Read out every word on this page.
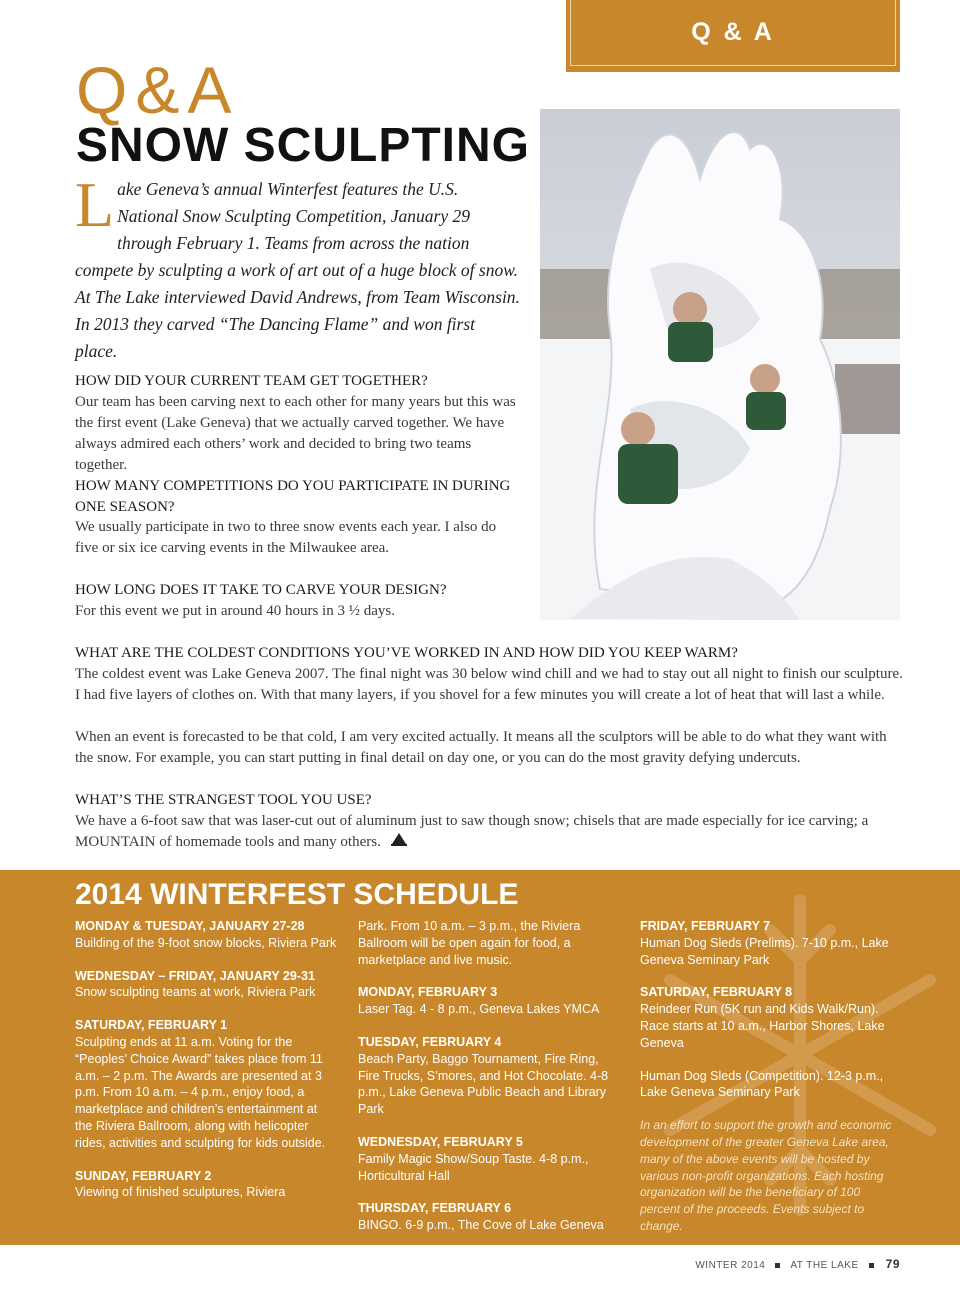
Q & A
Q&A
SNOW SCULPTING
Lake Geneva’s annual Winterfest features the U.S. National Snow Sculpting Competition, January 29 through February 1. Teams from across the nation compete by sculpting a work of art out of a huge block of snow. At The Lake interviewed David Andrews, from Team Wisconsin. In 2013 they carved “The Dancing Flame” and won first place.
HOW DID YOUR CURRENT TEAM GET TOGETHER?
Our team has been carving next to each other for many years but this was the first event (Lake Geneva) that we actually carved together. We have always admired each others’ work and decided to bring two teams together.
HOW MANY COMPETITIONS DO YOU PARTICIPATE IN DURING ONE SEASON?
We usually participate in two to three snow events each year. I also do five or six ice carving events in the Milwaukee area.
HOW LONG DOES IT TAKE TO CARVE YOUR DESIGN?
For this event we put in around 40 hours in 3 ½ days.
WHAT ARE THE COLDEST CONDITIONS YOU’VE WORKED IN AND HOW DID YOU KEEP WARM?
The coldest event was Lake Geneva 2007. The final night was 30 below wind chill and we had to stay out all night to finish our sculpture. I had five layers of clothes on. With that many layers, if you shovel for a few minutes you will create a lot of heat that will last a while.
When an event is forecasted to be that cold, I am very excited actually. It means all the sculptors will be able to do what they want with the snow. For example, you can start putting in final detail on day one, or you can do the most gravity defying undercuts.
WHAT’S THE STRANGEST TOOL YOU USE?
We have a 6-foot saw that was laser-cut out of aluminum just to saw though snow; chisels that are made especially for ice carving; a MOUNTAIN of homemade tools and many others.
2014 WINTERFEST SCHEDULE
MONDAY & TUESDAY, JANUARY 27-28
Building of the 9-foot snow blocks, Riviera Park
WEDNESDAY – FRIDAY, JANUARY 29-31
Snow sculpting teams at work, Riviera Park
SATURDAY, FEBRUARY 1
Sculpting ends at 11 a.m. Voting for the “Peoples’ Choice Award” takes place from 11 a.m. – 2 p.m. The Awards are presented at 3 p.m. From 10 a.m. – 4 p.m., enjoy food, a marketplace and children’s entertainment at the Riviera Ballroom, along with helicopter rides, activities and sculpting for kids outside.
SUNDAY, FEBRUARY 2
Viewing of finished sculptures, Riviera
Park. From 10 a.m. – 3 p.m., the Riviera Ballroom will be open again for food, a marketplace and live music.
MONDAY, FEBRUARY 3
Laser Tag. 4 - 8 p.m., Geneva Lakes YMCA
TUESDAY, FEBRUARY 4
Beach Party, Baggo Tournament, Fire Ring, Fire Trucks, S’mores, and Hot Chocolate. 4-8 p.m., Lake Geneva Public Beach and Library Park
WEDNESDAY, FEBRUARY 5
Family Magic Show/Soup Taste. 4-8 p.m., Horticultural Hall
THURSDAY, FEBRUARY 6
BINGO. 6-9 p.m., The Cove of Lake Geneva
FRIDAY, FEBRUARY 7
Human Dog Sleds (Prelims). 7-10 p.m., Lake Geneva Seminary Park
SATURDAY, FEBRUARY 8
Reindeer Run (5K run and Kids Walk/Run). Race starts at 10 a.m., Harbor Shores, Lake Geneva
Human Dog Sleds (Competition). 12-3 p.m., Lake Geneva Seminary Park
In an effort to support the growth and economic development of the greater Geneva Lake area, many of the above events will be hosted by various non-profit organizations. Each hosting organization will be the beneficiary of 100 percent of the proceeds. Events subject to change.
WINTER 2014	AT THE LAKE 79
